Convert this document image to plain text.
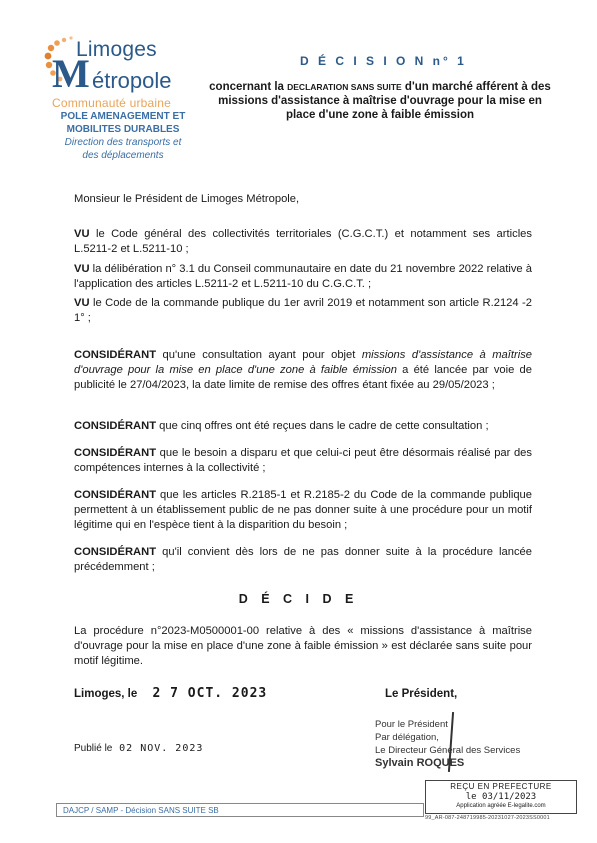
Limoges
M étropole
Communauté urbaine
POLE AMENAGEMENT ET
MOBILITES DURABLES
Direction des transports et
des déplacements
D É C I S I O N n° 1
concernant la DECLARATION SANS SUITE d'un marché afférent à des missions d'assistance à maîtrise d'ouvrage pour la mise en place d'une zone à faible émission
Monsieur le Président de Limoges Métropole,
VU le Code général des collectivités territoriales (C.G.C.T.) et notamment ses articles L.5211-2 et L.5211-10 ;
VU la délibération n° 3.1 du Conseil communautaire en date du 21 novembre 2022 relative à l'application des articles L.5211-2 et L.5211-10 du C.G.C.T. ;
VU le Code de la commande publique du 1er avril 2019 et notamment son article R.2124 -2 1° ;
CONSIDÉRANT qu'une consultation ayant pour objet missions d'assistance à maîtrise d'ouvrage pour la mise en place d'une zone à faible émission a été lancée par voie de publicité le 27/04/2023, la date limite de remise des offres étant fixée au 29/05/2023 ;
CONSIDÉRANT que cinq offres ont été reçues dans le cadre de cette consultation ;
CONSIDÉRANT que le besoin a disparu et que celui-ci peut être désormais réalisé par des compétences internes à la collectivité ;
CONSIDÉRANT que les articles R.2185-1 et R.2185-2 du Code de la commande publique permettent à un établissement public de ne pas donner suite à une procédure pour un motif légitime qui en l'espèce tient à la disparition du besoin ;
CONSIDÉRANT qu'il convient dès lors de ne pas donner suite à la procédure lancée précédemment ;
D É C I D E
La procédure n°2023-M0500001-00 relative à des « missions d'assistance à maîtrise d'ouvrage pour la mise en place d'une zone à faible émission » est déclarée sans suite pour motif légitime.
Limoges, le 2 7 OCT. 2023	Le Président,
Pour le Président
Par délégation,
Le Directeur Général des Services
Sylvain ROQUES
Publié le 02 NOV. 2023
REÇU EN PREFECTURE
le 03/11/2023
Application agréée E-legalite.com
DAJCP / SAMP - Décision SANS SUITE SB
99_AR-087-248719985-20231027-2023SS0001
